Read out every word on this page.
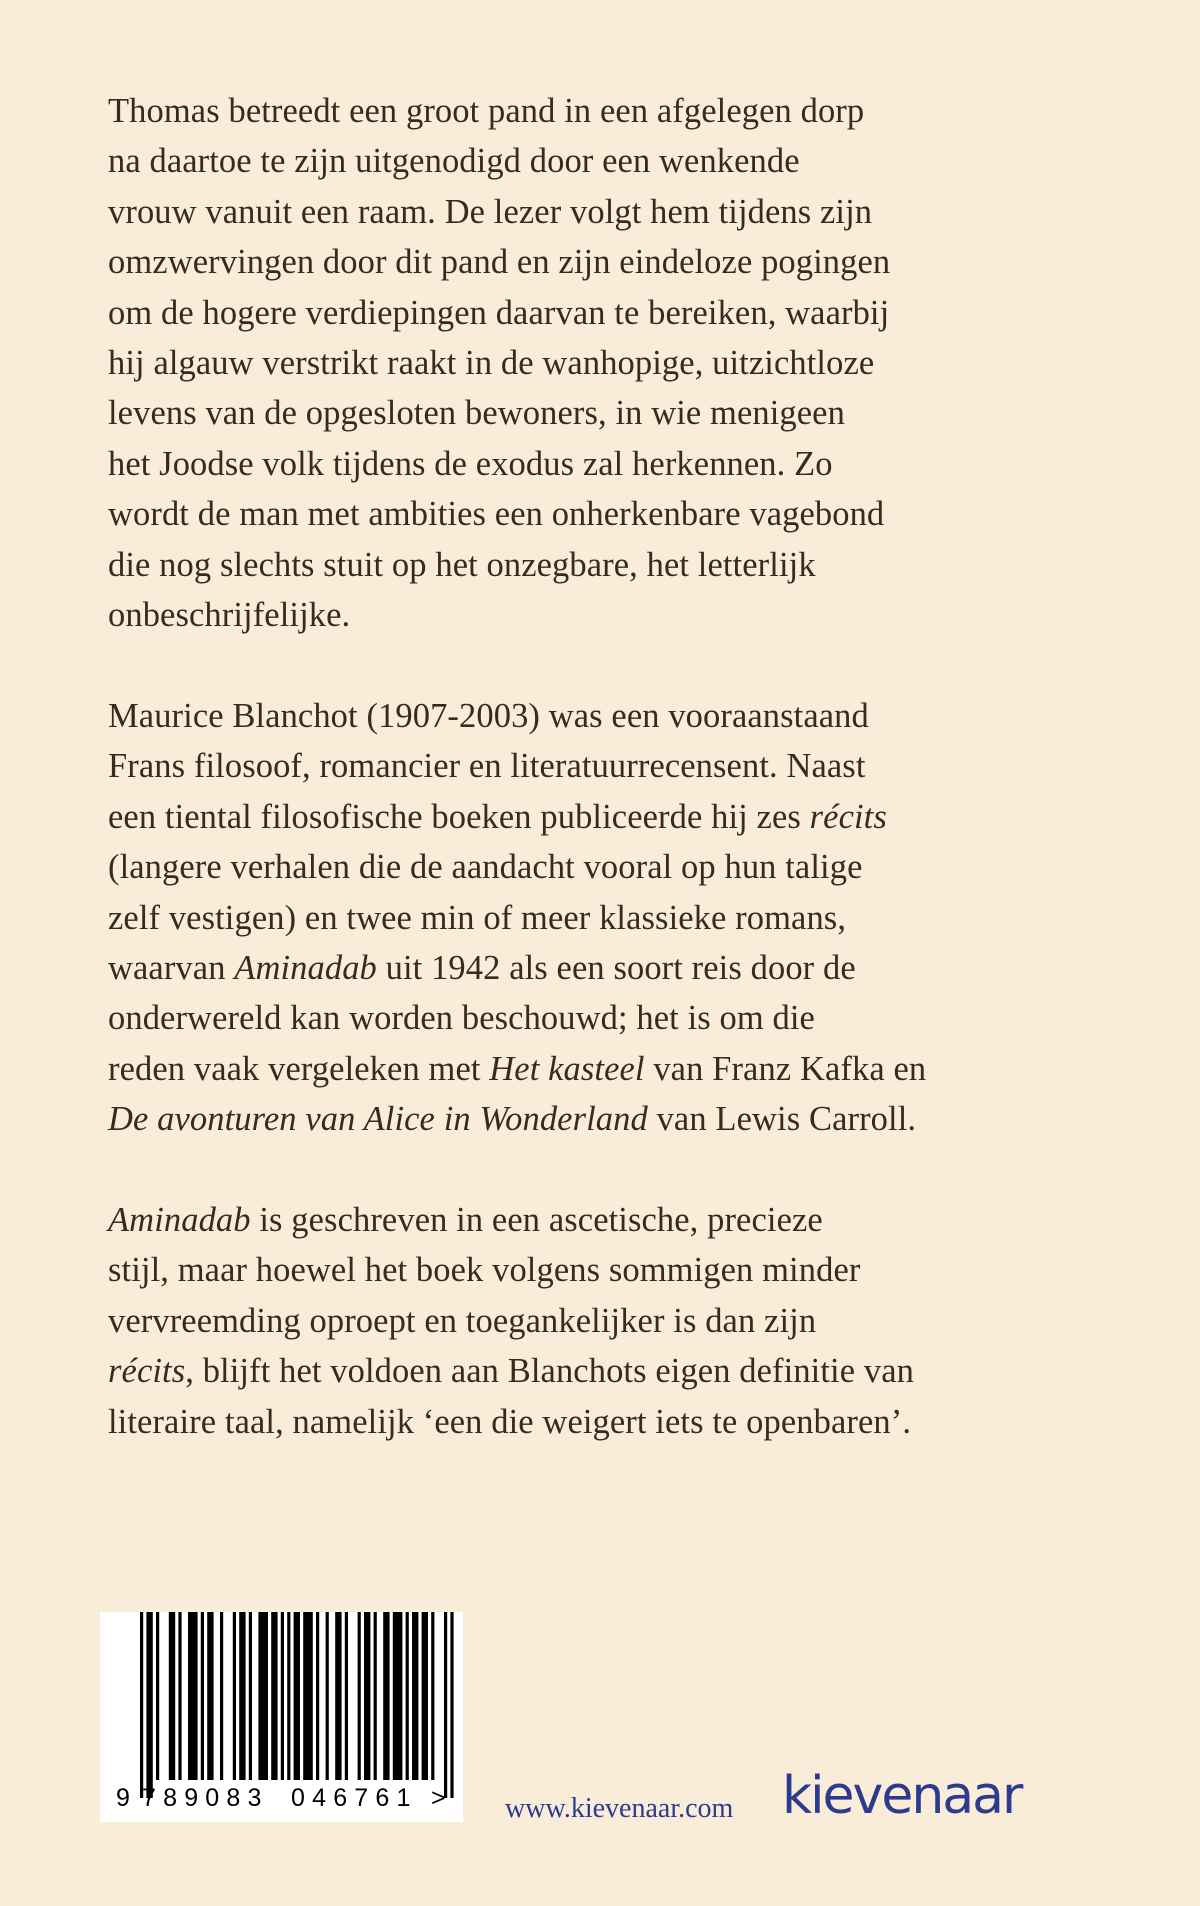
Thomas betreedt een groot pand in een afgelegen dorp
na daartoe te zijn uitgenodigd door een wenkende
vrouw vanuit een raam. De lezer volgt hem tijdens zijn
omzwervingen door dit pand en zijn eindeloze pogingen
om de hogere verdiepingen daarvan te bereiken, waarbij
hij algauw verstrikt raakt in de wanhopige, uitzichtloze
levens van de opgesloten bewoners, in wie menigeen
het Joodse volk tijdens de exodus zal herkennen. Zo
wordt de man met ambities een onherkenbare vagebond
die nog slechts stuit op het onzegbare, het letterlijk
onbeschrijfelijke.
Maurice Blanchot (1907-2003) was een vooraanstaand
Frans filosoof, romancier en literatuurrecensent. Naast
een tiental filosofische boeken publiceerde hij zes récits
(langere verhalen die de aandacht vooral op hun talige
zelf vestigen) en twee min of meer klassieke romans,
waarvan Aminadab uit 1942 als een soort reis door de
onderwereld kan worden beschouwd; het is om die
reden vaak vergeleken met Het kasteel van Franz Kafka en
De avonturen van Alice in Wonderland van Lewis Carroll.
Aminadab is geschreven in een ascetische, precieze
stijl, maar hoewel het boek volgens sommigen minder
vervreemding oproept en toegankelijker is dan zijn
récits, blijft het voldoen aan Blanchots eigen definitie van
literaire taal, namelijk ‘een die weigert iets te openbaren’.
9 789083 046761 > www.kievenaar.com kievenaar
